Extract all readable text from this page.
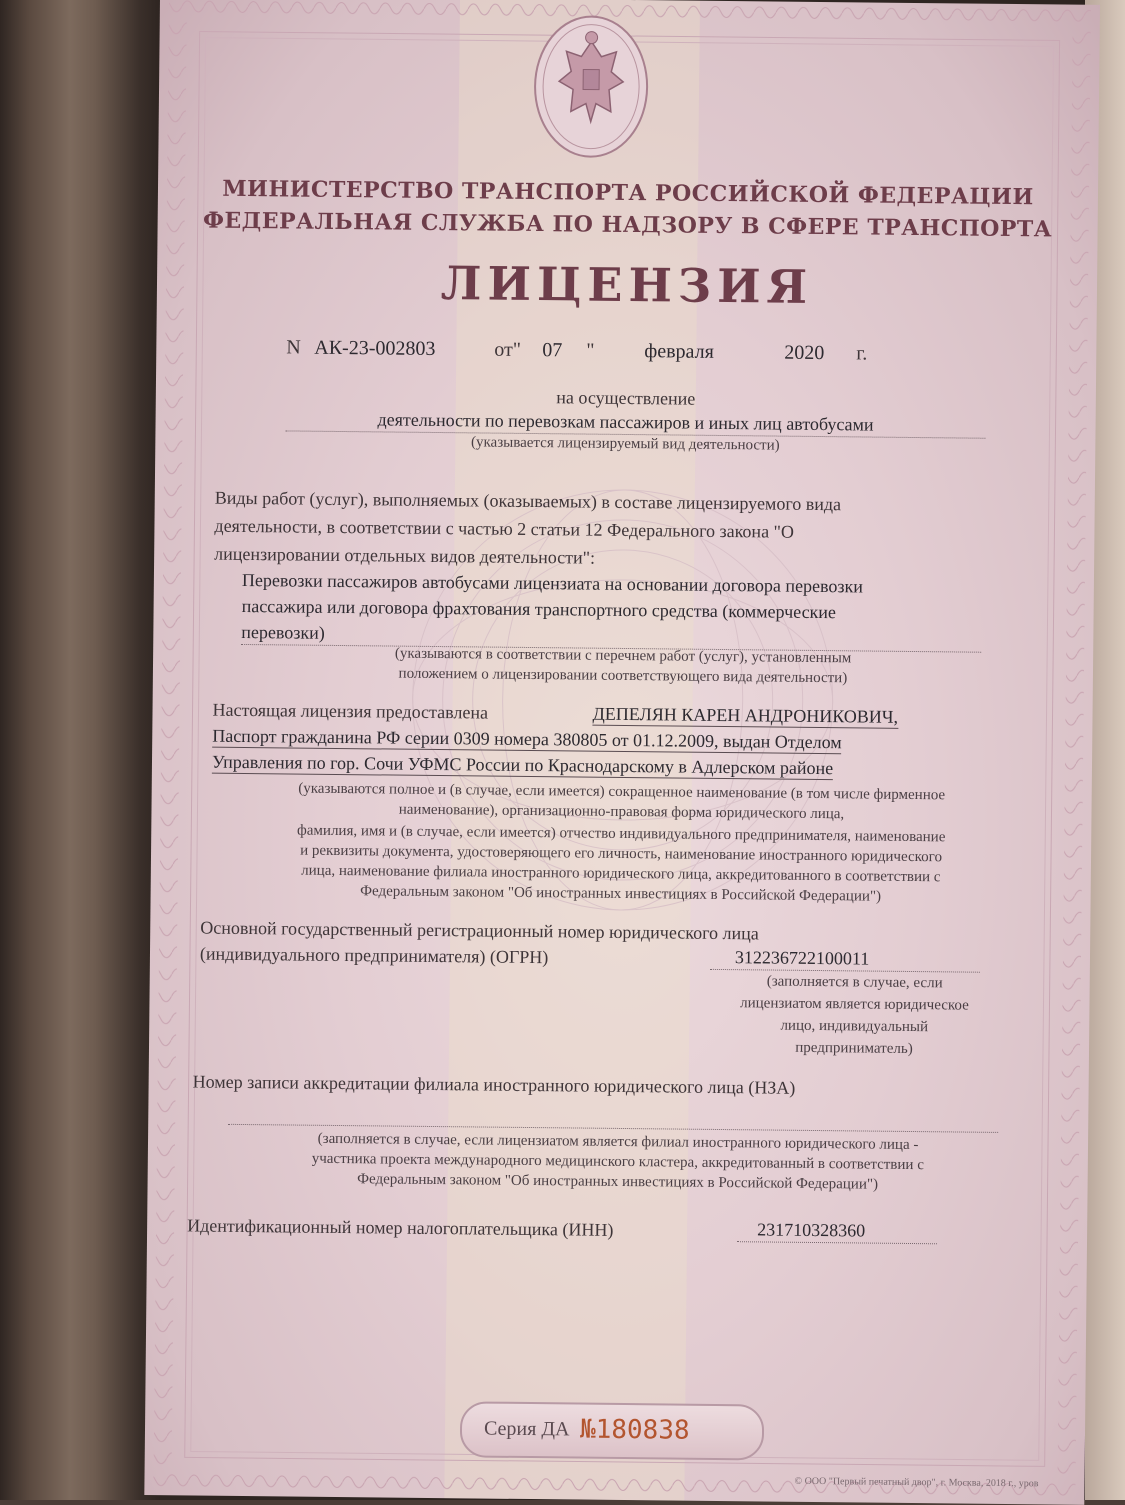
МИНИСТЕРСТВО ТРАНСПОРТА РОССИЙСКОЙ ФЕДЕРАЦИИ
ФЕДЕРАЛЬНАЯ СЛУЖБА ПО НАДЗОРУ В СФЕРЕ ТРАНСПОРТА
ЛИЦЕНЗИЯ
N АК-23-002803	от" 07 " февраля	2020 г.
на осуществление
деятельности по перевозкам пассажиров и иных лиц автобусами
(указывается лицензируемый вид деятельности)
Виды работ (услуг), выполняемых (оказываемых) в составе лицензируемого вида
деятельности, в соответствии с частью 2 статьи 12 Федерального закона "О
лицензировании отдельных видов деятельности":
Перевозки пассажиров автобусами лицензиата на основании договора перевозки
пассажира или договора фрахтования транспортного средства (коммерческие
перевозки)
(указываются в соответствии с перечнем работ (услуг), установленным
положением о лицензировании соответствующего вида деятельности)
Настоящая лицензия предоставлена	ДЕПЕЛЯН КАРЕН АНДРОНИКОВИЧ,
Паспорт гражданина РФ серии 0309 номера 380805 от 01.12.2009, выдан Отделом
Управления по гор. Сочи УФМС России по Краснодарскому в Адлерском районе
(указываются полное и (в случае, если имеется) сокращенное наименование (в том числе фирменное
наименование), организационно-правовая форма юридического лица,
фамилия, имя и (в случае, если имеется) отчество индивидуального предпринимателя, наименование
и реквизиты документа, удостоверяющего его личность, наименование иностранного юридического
лица, наименование филиала иностранного юридического лица, аккредитованного в соответствии с
Федеральным законом "Об иностранных инвестициях в Российской Федерации")
Основной государственный регистрационный номер юридического лица
(индивидуального предпринимателя) (ОГРН)	312236722100011
(заполняется в случае, если
лицензиатом является юридическое
лицо, индивидуальный
предприниматель)
Номер записи аккредитации филиала иностранного юридического лица (НЗА)
(заполняется в случае, если лицензиатом является филиал иностранного юридического лица -
участника проекта международного медицинского кластера, аккредитованный в соответствии с
Федеральным законом "Об иностранных инвестициях в Российской Федерации")
Идентификационный номер налогоплательщика (ИНН)	231710328360
Серия ДА №180838
© ООО "Первый печатный двор", г. Москва, 2018 г., уров
